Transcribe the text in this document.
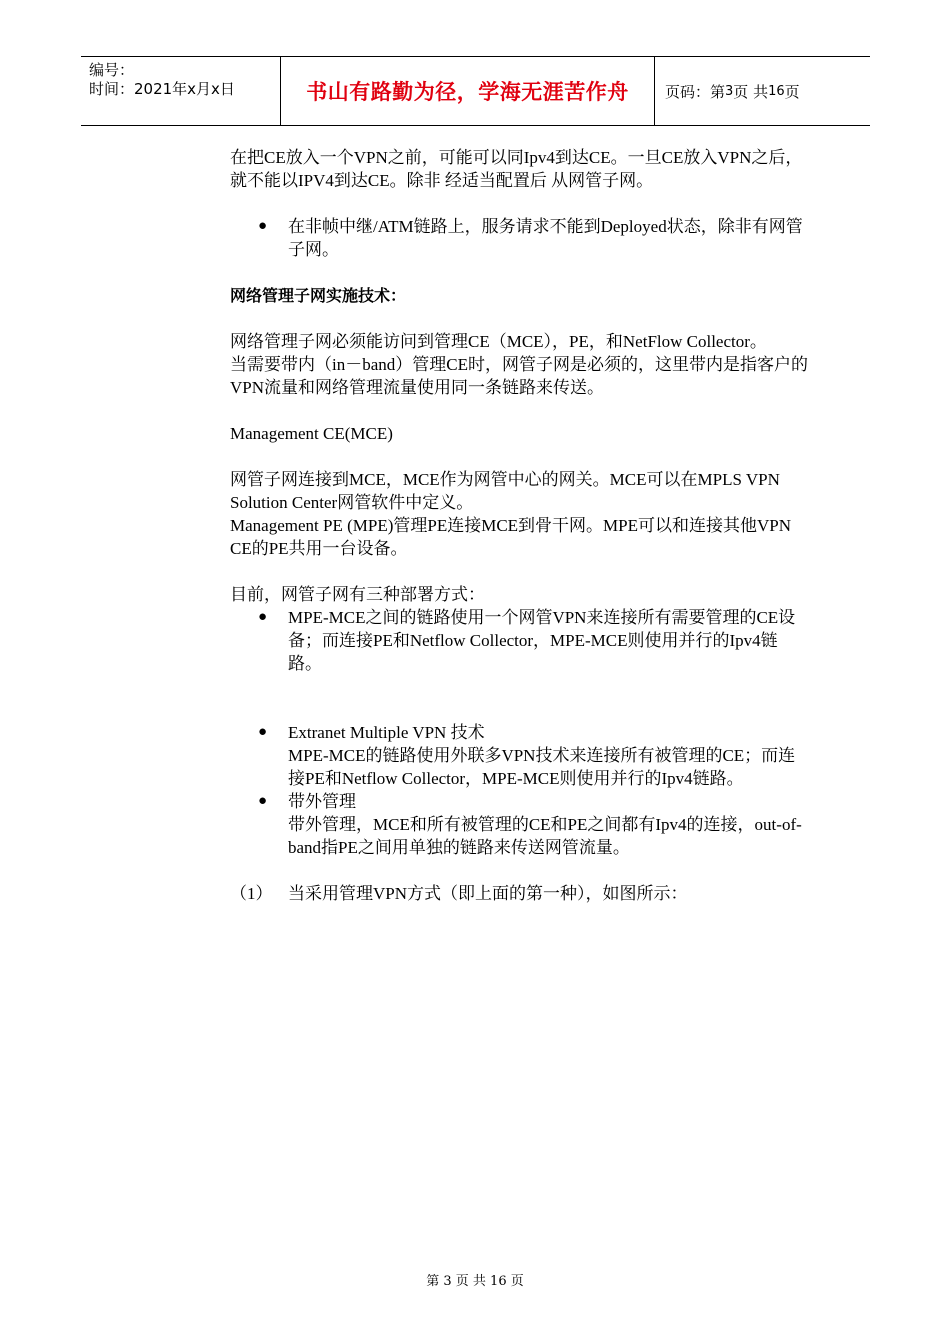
编号：
时间：2021年x月x日	书山有路勤为径，学海无涯苦作舟	页码：第 3 页 共 16 页

在把CE放入一个VPN之前，可能可以同Ipv4到达CE。一旦CE放入VPN之后，就不能以IPV4到达CE。除非 经适当配置后 从网管子网。

● 在非帧中继/ATM链路上，服务请求不能到Deployed状态，除非有网管子网。

网络管理子网实施技术：

网络管理子网必须能访问到管理CE（MCE），PE，和NetFlow Collector。

当需要带内（in－band）管理CE时，网管子网是必须的，这里带内是指客户的VPN流量和网络管理流量使用同一条链路来传送。

Management CE(MCE)

网管子网连接到MCE，MCE作为网管中心的网关。MCE可以在MPLS VPN Solution Center网管软件中定义。

Management PE (MPE)管理PE连接MCE到骨干网。MPE可以和连接其他VPN CE的PE共用一台设备。

目前，网管子网有三种部署方式：

● MPE-MCE之间的链路使用一个网管VPN来连接所有需要管理的CE设备；而连接PE和Netflow Collector，MPE-MCE则使用并行的Ipv4链路。
● Extranet Multiple VPN 技术
MPE-MCE的链路使用外联多VPN技术来连接所有被管理的CE；而连接PE和Netflow Collector，MPE-MCE则使用并行的Ipv4链路。
● 带外管理
带外管理，MCE和所有被管理的CE和PE之间都有Ipv4的连接，out-of-band指PE之间用单独的链路来传送网管流量。
（1） 当采用管理VPN方式（即上面的第一种），如图所示：
第 3 页 共 16 页
